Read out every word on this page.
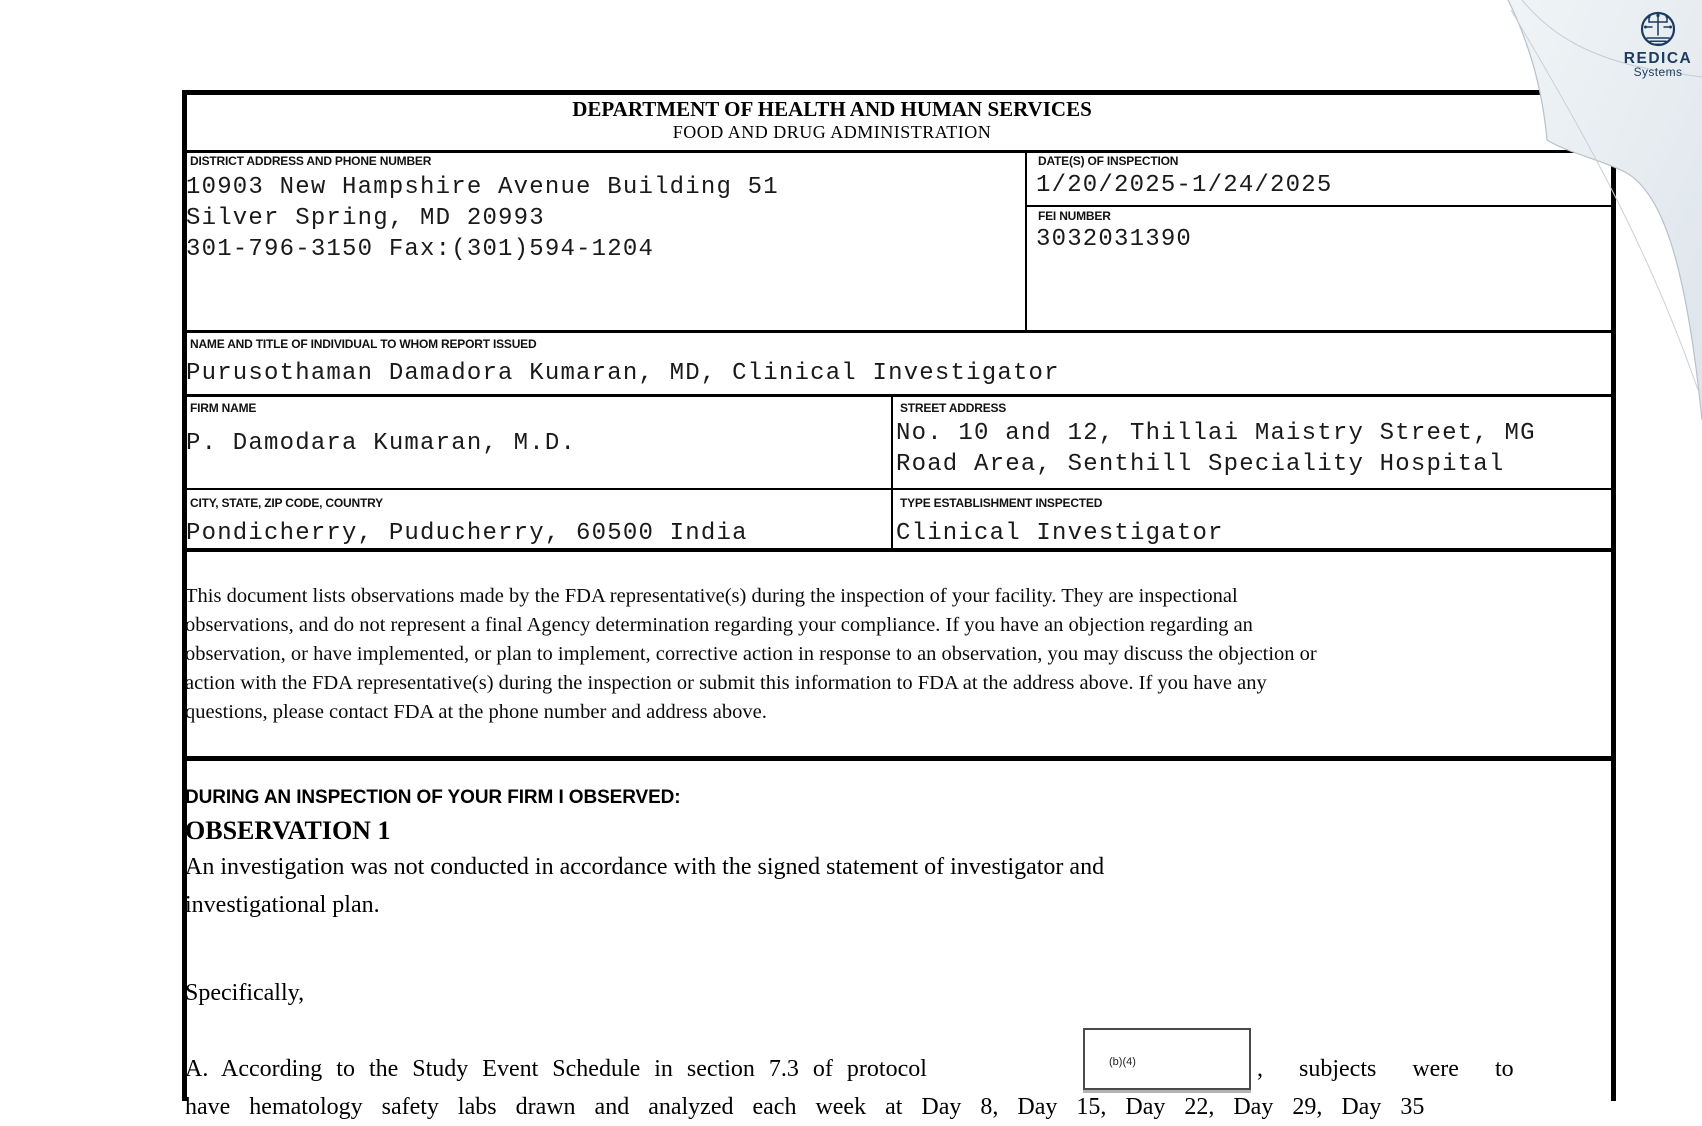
DEPARTMENT OF HEALTH AND HUMAN SERVICES
FOOD AND DRUG ADMINISTRATION
DISTRICT ADDRESS AND PHONE NUMBER
10903 New Hampshire Avenue Building 51
Silver Spring, MD 20993
301-796-3150 Fax:(301)594-1204
DATE(S) OF INSPECTION
1/20/2025-1/24/2025
FEI NUMBER
3032031390
NAME AND TITLE OF INDIVIDUAL TO WHOM REPORT ISSUED
Purusothaman Damadora Kumaran, MD, Clinical Investigator
FIRM NAME
P. Damodara Kumaran, M.D.
STREET ADDRESS
No. 10 and 12, Thillai Maistry Street, MG
Road Area, Senthill Speciality Hospital
CITY, STATE, ZIP CODE, COUNTRY
Pondicherry, Puducherry, 60500 India
TYPE ESTABLISHMENT INSPECTED
Clinical Investigator
This document lists observations made by the FDA representative(s) during the inspection of your facility. They are inspectional
observations, and do not represent a final Agency determination regarding your compliance. If you have an objection regarding an
observation, or have implemented, or plan to implement, corrective action in response to an observation, you may discuss the objection or
action with the FDA representative(s) during the inspection or submit this information to FDA at the address above. If you have any
questions, please contact FDA at the phone number and address above.
DURING AN INSPECTION OF YOUR FIRM I OBSERVED:
OBSERVATION 1
An investigation was not conducted in accordance with the signed statement of investigator and
investigational plan.
Specifically,
A. According to the Study Event Schedule in section 7.3 of protocol	(b)(4)	, subjects were to
have hematology safety labs drawn and analyzed each week at Day 8, Day 15, Day 22, Day 29, Day 35
REDICA
Systems
